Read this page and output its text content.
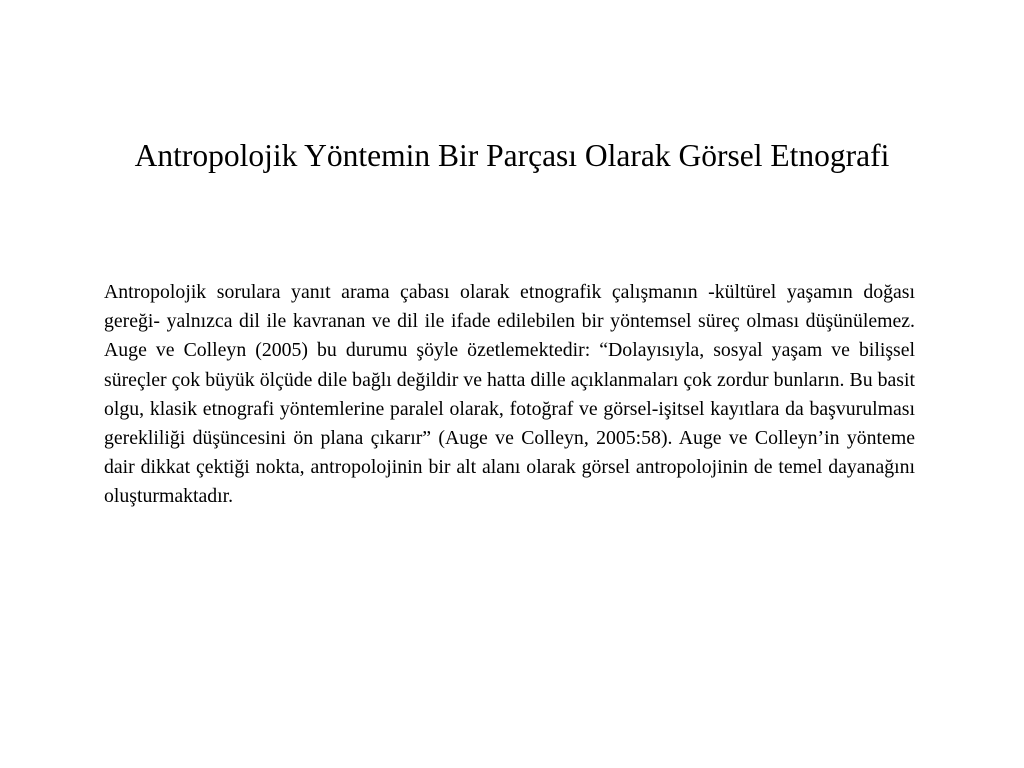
Antropolojik Yöntemin Bir Parçası Olarak Görsel Etnografi

Antropolojik sorulara yanıt arama çabası olarak etnografik çalışmanın -kültürel yaşamın doğası gereği- yalnızca dil ile kavranan ve dil ile ifade edilebilen bir yöntemsel süreç olması düşünülemez. Auge ve Colleyn (2005) bu durumu şöyle özetlemektedir: “Dolayısıyla, sosyal yaşam ve bilişsel süreçler çok büyük ölçüde dile bağlı değildir ve hatta dille açıklanmaları çok zordur bunların. Bu basit olgu, klasik etnografi yöntemlerine paralel olarak, fotoğraf ve görsel-işitsel kayıtlara da başvurulması gerekliliği düşüncesini ön plana çıkarır” (Auge ve Colleyn, 2005:58). Auge ve Colleyn’in yönteme dair dikkat çektiği nokta, antropolojinin bir alt alanı olarak görsel antropolojinin de temel dayanağını oluşturmaktadır.
